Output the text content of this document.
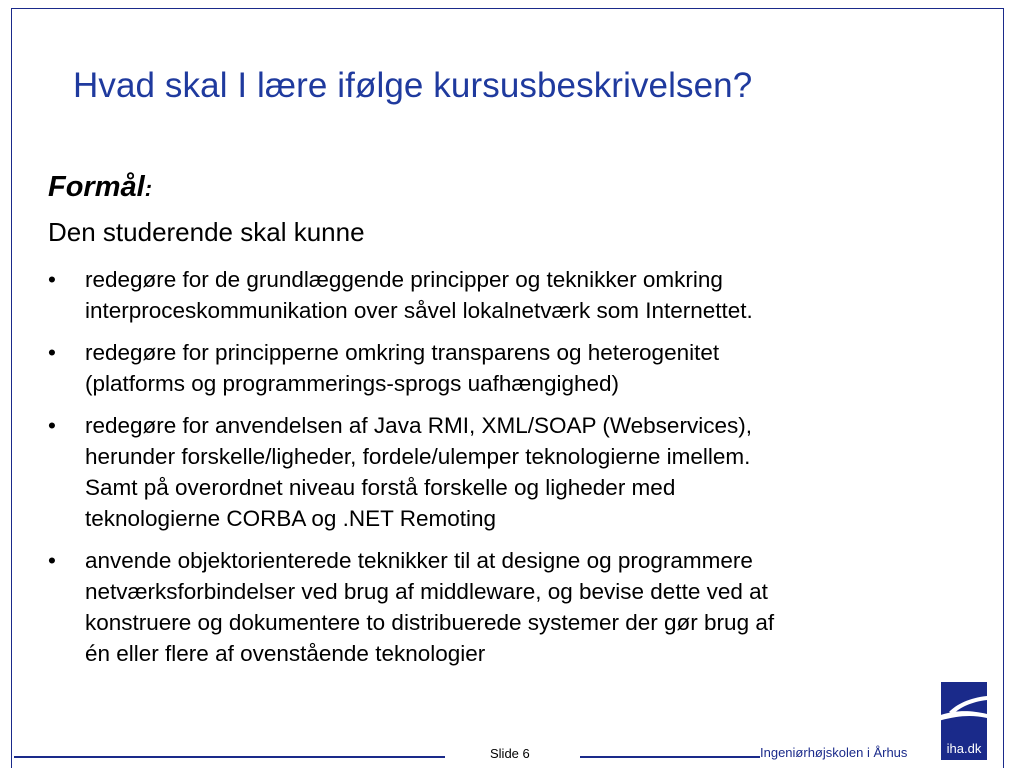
Hvad skal I lære ifølge kursusbeskrivelsen?
Formål:
Den studerende skal kunne
• redegøre for de grundlæggende principper og teknikker omkring
interproceskommunikation over såvel lokalnetværk som Internettet.
• redegøre for principperne omkring transparens og heterogenitet
(platforms og programmerings-sprogs uafhængighed)
• redegøre for anvendelsen af Java RMI, XML/SOAP (Webservices),
herunder forskelle/ligheder, fordele/ulemper teknologierne imellem.
Samt på overordnet niveau forstå forskelle og ligheder med
teknologierne CORBA og .NET Remoting
• anvende objektorienterede teknikker til at designe og programmere
netværksforbindelser ved brug af middleware, og bevise dette ved at
konstruere og dokumentere to distribuerede systemer der gør brug af
én eller flere af ovenstående teknologier
Slide 6	Ingeniørhøjskolen i Århus	iha.dk
